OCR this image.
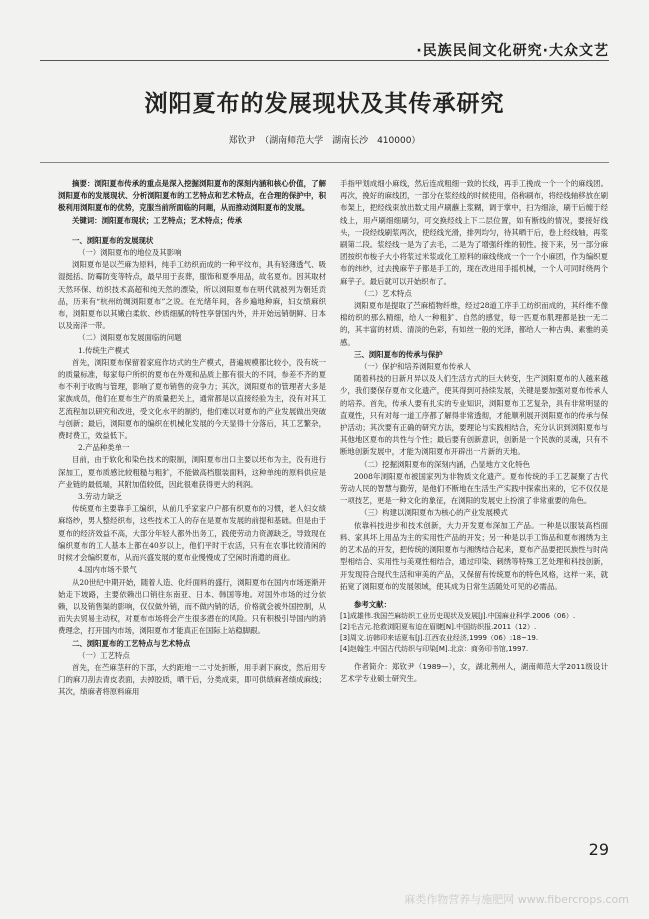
·民族民间文化研究·大众文艺
浏阳夏布的发展现状及其传承研究
郑钦尹　（湖南师范大学　湖南长沙　410000）

摘要：浏阳夏布传承的重点是深入挖掘浏阳夏布的深刻内涵和核心价值，了解浏阳夏布的发展现状、分析浏阳夏布的工艺特点和艺术特点，在合理的保护中，积极利用浏阳夏布的优势，克服当前所面临的问题，从而推动浏阳夏布的发展。

关键词：浏阳夏布现状；工艺特点；艺术特点；传承

一、浏阳夏布的发展现状

（一）浏阳夏布的地位及其影响

浏阳夏布是以苎麻为原料，纯手工纺织而成的一种平纹布，具有轻薄透气、吸湿挺括、防霉防变等特点，最早用于丧葬，服饰和夏季用品，故名夏布。因其取材天然环保、纺织技术高超和纯天然的漂染，所以浏阳夏布在明代就被列为朝廷贡品，历来有“杭州纺绸浏阳夏布”之说。在光绪年间，各乡遍地种麻，妇女绩麻织布，浏阳夏布以其嫩白柔软、纱质细腻的特性享誉国内外，并开始远销朝鲜、日本以及南洋一带。

（二）浏阳夏布发展面临的问题

1.传统生产模式

首先，浏阳夏布保留着家庭作坊式的生产模式，普遍规模都比较小，没有统一的质量标准，每家每户所织的夏布在外观和品质上都有很大的不同，参差不齐的夏布不利于收购与管理，影响了夏布销售的竞争力；其次，浏阳夏布的管理者大多是家族成员，他们在夏布生产的质量把关上，通常都是以直接经验为主，没有对其工艺流程加以研究和改进，受文化水平的制约，他们难以对夏布的产业发展做出突破与创新；最后，浏阳夏布的编织在机械化发展的今天显得十分落后，其工艺繁杂，费时费工，效益低下。

2.产品种类单一

目前，由于软化和染色技术的限制，浏阳夏布出口主要以坯布为主，没有进行深加工，夏布质感比较粗糙与粗犷，不能做高档服装面料，这种单纯的原料供应是产业链的最低端，其附加值较低，因此很难获得更大的利润。

3.劳动力缺乏

传统夏布主要靠手工编织，从前几乎家家户户都有织夏布的习惯，老人妇女绩麻络纱，男人整经织布，这些技术工人的存在是夏布发展的前提和基础。但是由于夏布的经济效益不高，大部分年轻人都外出务工，践使劳动力资源缺乏，导致现在编织夏布的工人基本上都在40岁以上，他们平时干农活，只有在农事比较清闲的时候才会编织夏布，从而兴盛发展的夏布业慢慢成了空闲时消遣的商业。

4.国内市场不景气

从20世纪中期开始，随着人造、化纤面料的盛行，浏阳夏布在国内市场逐渐开始走下坡路，主要依赖出口销往东南亚、日本、韩国等地。对国外市场的过分依赖，以及销售渠的影响，仅仅做外销，而不做内销的话，价格就会被外国控制，从而失去贸易主动权，对夏布市场将会产生很多潜在的风险。只有积极引导国内的消费理念，打开国内市场，浏阳夏布才能真正在国际上站稳脚跟。

二、浏阳夏布的工艺特点与艺术特点

（一）工艺特点

首先，在苎麻茎秆的下部，大约距地一二寸处折断，用手剥下麻皮，然后用专门的麻刀刮去青皮表面，去掉胶质，晒干后，分类成束，即可供绩麻者绩成麻线；其次，绩麻者将原料麻用

手指甲划成细小麻线，然后连成粗细一致的长线，再手工挽成一个一个的麻线团。再次，挽好的麻线团，一部分在浆经线的时候使用，俗称刷布，将经线轴移放在刷布架上，把经线束放出数丈用卢刷蘸上浆糊，调于掌中，扫为细涂，刷干后缠于经线上，用卢刷细细刷匀，可交换经线上下二层位置，如有断线的情况，要接好线头，一段经线刷浆两次，使经线光滑，排列均匀，待其晒干后，卷上经线轴，再浆刷第二段。浆经线一是为了去毛，二是为了增强纤维的韧性。接下来，另一部分麻团按织布梭子大小将浆过米浆或化工原料的麻线绕成一个一个小麻团，作为编织夏布的纬纱，过去挽麻芋子都是手工的，现在改进用手摇机械，一个人可同时绕两个麻芋子。最后就可以开始织布了。

（二）艺术特点

浏阳夏布是提取了苎麻植物纤维，经过28道工序手工纺织而成的，其纤维不像棉纺织的那么精细，给人一种粗犷、自然的感觉，每一匹夏布肌理都是独一无二的，其丰富的材质、清淡的色彩，有如丝一般的光泽，都给人一种古典、素雅的美感。

三、浏阳夏布的传承与保护

（一）保护和培养浏阳夏布传承人

随着科技的日新月异以及人们生活方式的巨大转变，生产浏阳夏布的人越来越少，我们要保存夏布文化遗产，使其得到可持续发展，关键是要加强对夏布传承人的培养。首先，传承人要有扎实的专业知识，浏阳夏布工艺复杂，具有非常明显的直观性，只有对每一道工序都了解得非常透彻，才能顺利展开浏阳夏布的传承与保护活动；其次要有正确的研究方法，要理论与实践相结合，充分认识到浏阳夏布与其他地区夏布的共性与个性；最后要有创新意识，创新是一个民族的灵魂，只有不断地创新发展中，才能为浏阳夏布开辟出一片新的天地。

（二）挖掘浏阳夏布的深刻内涵，凸显地方文化特色

2008年浏阳夏布被国家列为非物质文化遗产。夏布传统的手工艺凝聚了古代劳动人民的智慧与勤劳，是他们不断地在生活生产实践中探索出来的，它不仅仅是一项技艺，更是一种文化的象征，在浏阳的发展史上扮演了非常重要的角色。

（三）构建以浏阳夏布为核心的产业发展模式

依靠科技进步和技术创新，大力开发夏布深加工产品。一种是以服装高档面料、家具坏上用品为主的实用性产品的开发；另一种是以手工饰品和夏布湘绣为主的艺术品的开发，把传统的浏阳夏布与湘绣结合起来，夏布产品要把民族性与时尚型相结合、实用性与美观性相结合，通过印染、刺绣等特殊工艺处理和科技创新，开发现符合现代生活和审美的产品，又保留有传统夏布的特色风格，这样一来，就拓宽了浏阳夏布的发展领域，使其成为日常生活随处可见的必需品。

参考文献：

[1]成雄伟.我国苎麻纺织工业历史现状及发展[J].中国麻业科学.2006（06）.

[2]毛吉元.抢救浏阳夏布迫在眉睫[N].中国纺织报.2011（12）.

[3]周文.访韩印来话夏布[J].江西农业经济,1999（06）:18~19.

[4]赵翰生.中国古代纺织与印染[M].北京：商务印书馆,1997.

作者简介：郑钦尹（1989—），女，湖北荆州人，湖南师范大学2011级设计艺术学专业硕士研究生。

29
麻类作物营养与施肥网 www.fibercrops.com
